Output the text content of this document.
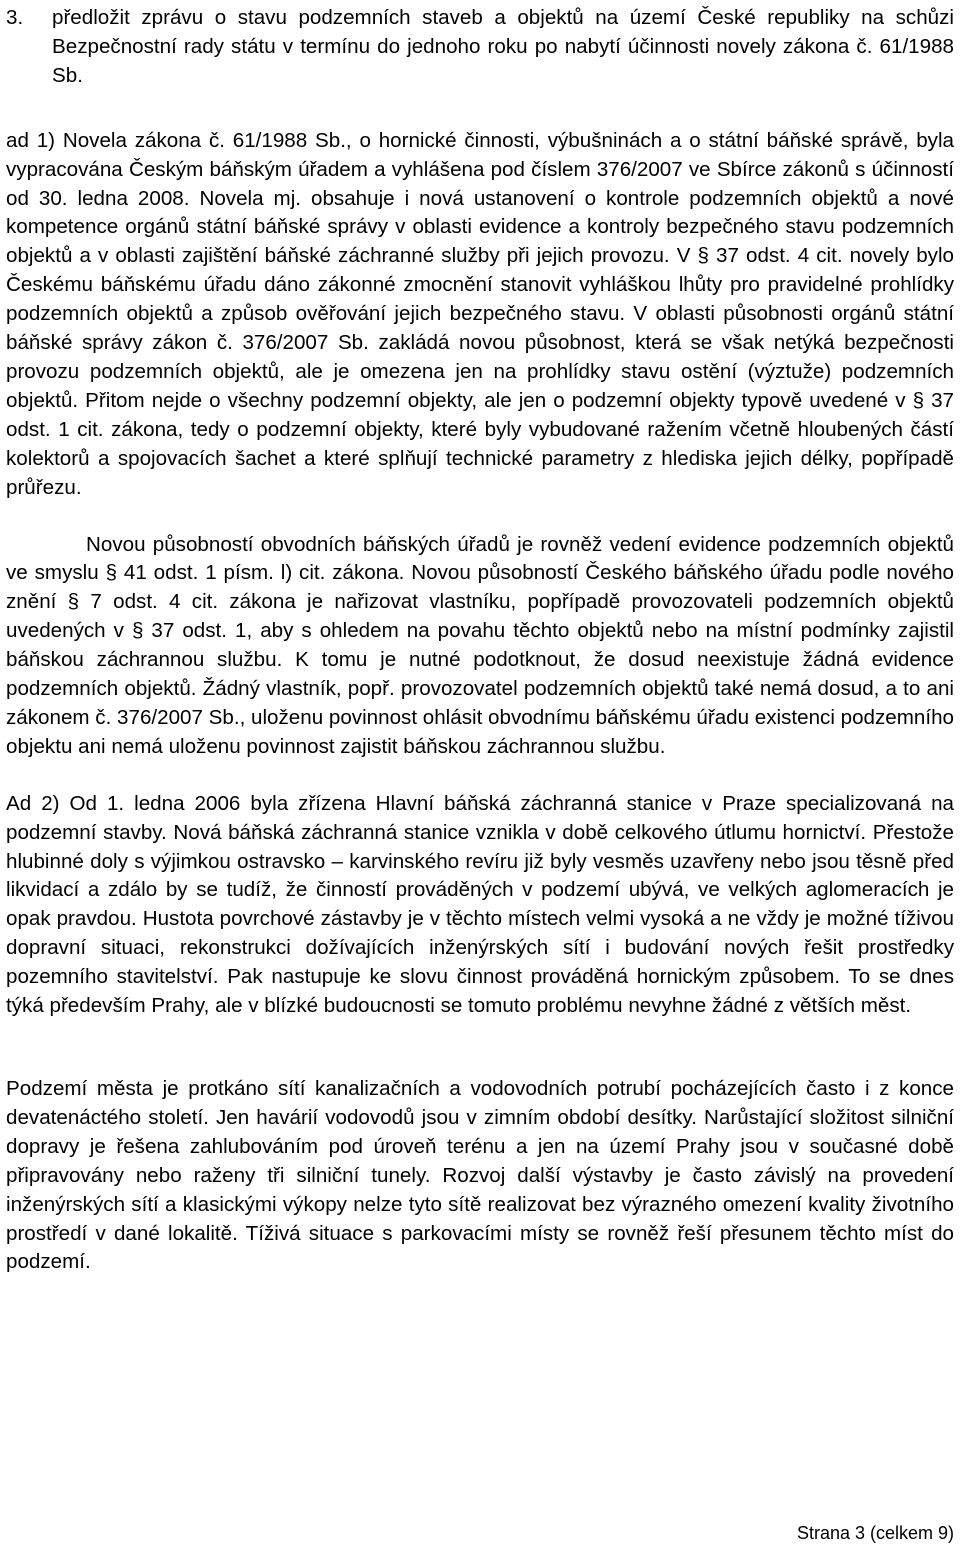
3.	předložit zprávu o stavu podzemních staveb a objektů na území České republiky na schůzi Bezpečnostní rady státu v termínu do jednoho roku po nabytí účinnosti novely zákona č. 61/1988 Sb.

ad 1) Novela zákona č. 61/1988 Sb., o hornické činnosti, výbušninách a o státní báňské správě, byla vypracována Českým báňským úřadem a vyhlášena pod číslem 376/2007 ve Sbírce zákonů s účinností od 30. ledna 2008. Novela mj. obsahuje i nová ustanovení o kontrole podzemních objektů a nové kompetence orgánů státní báňské správy v oblasti evidence a kontroly bezpečného stavu podzemních objektů a v oblasti zajištění báňské záchranné služby při jejich provozu. V § 37 odst. 4 cit. novely bylo Českému báňskému úřadu dáno zákonné zmocnění stanovit vyhláškou lhůty pro pravidelné prohlídky podzemních objektů a způsob ověřování jejich bezpečného stavu. V oblasti působnosti orgánů státní báňské správy zákon č. 376/2007 Sb. zakládá novou působnost, která se však netýká bezpečnosti provozu podzemních objektů, ale je omezena jen na prohlídky stavu ostění (výztuže) podzemních objektů. Přitom nejde o všechny podzemní objekty, ale jen o podzemní objekty typově uvedené v § 37 odst. 1 cit. zákona, tedy o podzemní objekty, které byly vybudované ražením včetně hloubených částí kolektorů a spojovacích šachet a které splňují technické parametry z hlediska jejich délky, popřípadě průřezu.

Novou působností obvodních báňských úřadů je rovněž vedení evidence podzemních objektů ve smyslu § 41 odst. 1 písm. l) cit. zákona. Novou působností Českého báňského úřadu podle nového znění § 7 odst. 4 cit. zákona je nařizovat vlastníku, popřípadě provozovateli podzemních objektů uvedených v § 37 odst. 1, aby s ohledem na povahu těchto objektů nebo na místní podmínky zajistil báňskou záchrannou službu. K tomu je nutné podotknout, že dosud neexistuje žádná evidence podzemních objektů. Žádný vlastník, popř. provozovatel podzemních objektů také nemá dosud, a to ani zákonem č. 376/2007 Sb., uloženu povinnost ohlásit obvodnímu báňskému úřadu existenci podzemního objektu ani nemá uloženu povinnost zajistit báňskou záchrannou službu.

Ad 2) Od 1. ledna 2006 byla zřízena Hlavní báňská záchranná stanice v Praze specializovaná na podzemní stavby. Nová báňská záchranná stanice vznikla v době celkového útlumu hornictví. Přestože hlubinné doly s výjimkou ostravsko – karvinského revíru již byly vesměs uzavřeny nebo jsou těsně před likvidací a zdálo by se tudíž, že činností prováděných v podzemí ubývá, ve velkých aglomeracích je opak pravdou. Hustota povrchové zástavby je v těchto místech velmi vysoká a ne vždy je možné tíživou dopravní situaci, rekonstrukci dožívajících inženýrských sítí i budování nových řešit prostředky pozemního stavitelství. Pak nastupuje ke slovu činnost prováděná hornickým způsobem. To se dnes týká především Prahy, ale v blízké budoucnosti se tomuto problému nevyhne žádné z větších měst.

Podzemí města je protkáno sítí kanalizačních a vodovodních potrubí pocházejících často i z konce devatenáctého století. Jen havárií vodovodů jsou v zimním období desítky. Narůstající složitost silniční dopravy je řešena zahlubováním pod úroveň terénu a jen na území Prahy jsou v současné době připravovány nebo raženy tři silniční tunely. Rozvoj další výstavby je často závislý na provedení inženýrských sítí a klasickými výkopy nelze tyto sítě realizovat bez výrazného omezení kvality životního prostředí v dané lokalitě. Tíživá situace s parkovacími místy se rovněž řeší přesunem těchto míst do podzemí.

Strana 3 (celkem 9)
